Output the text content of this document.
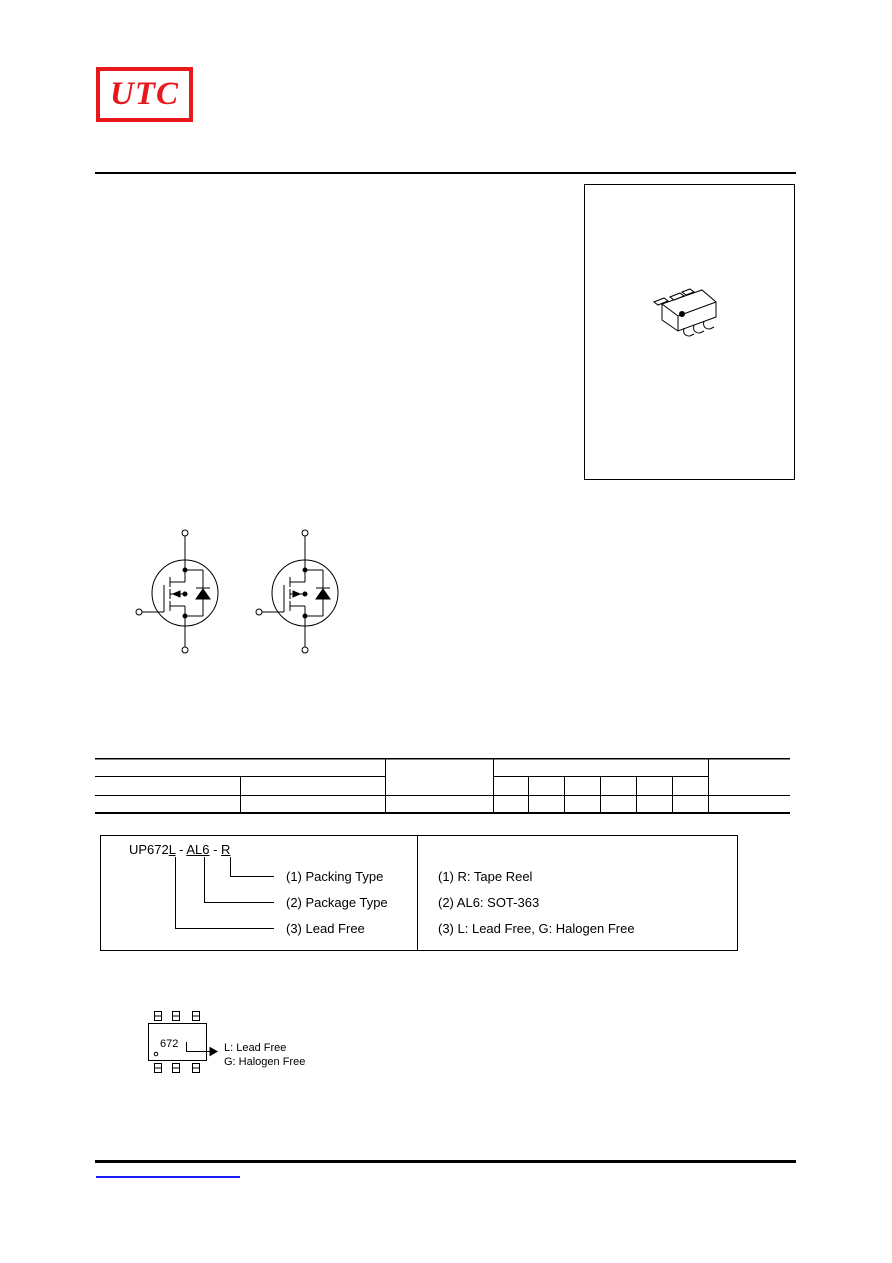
UTC
UP672L - AL6 - R
(1) Packing Type
(2) Package Type
(3) Lead Free
(1) R: Tape Reel
(2) AL6: SOT-363
(3) L: Lead Free, G: Halogen Free
672	L: Lead Free
G: Halogen Free
